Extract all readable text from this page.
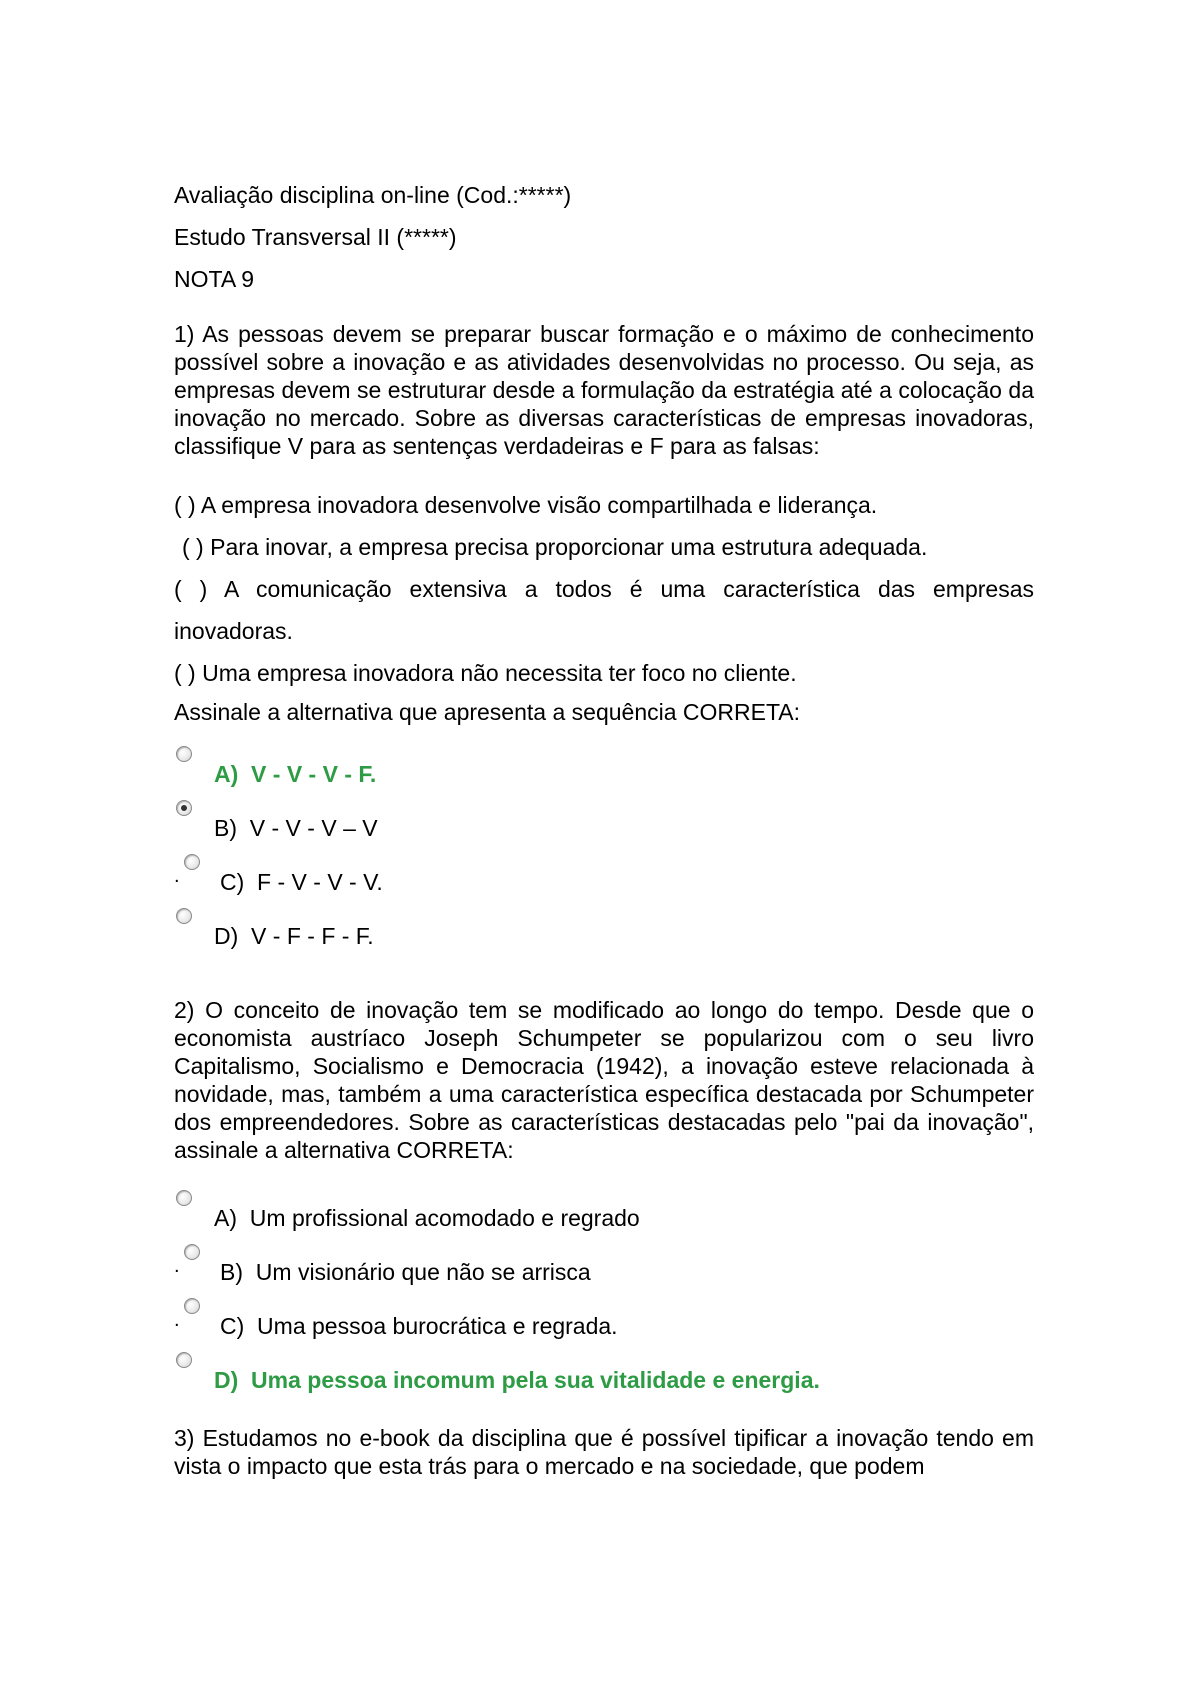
Avaliação disciplina on-line (Cod.:*****)

Estudo Transversal II (*****)

NOTA 9

1) As pessoas devem se preparar buscar formação e o máximo de conhecimento possível sobre a inovação e as atividades desenvolvidas no processo. Ou seja, as empresas devem se estruturar desde a formulação da estratégia até a colocação da inovação no mercado. Sobre as diversas características de empresas inovadoras, classifique V para as sentenças verdadeiras e F para as falsas:

( ) A empresa inovadora desenvolve visão compartilhada e liderança.

( ) Para inovar, a empresa precisa proporcionar uma estrutura adequada.

( ) A comunicação extensiva a todos é uma característica das empresas

inovadoras.

( ) Uma empresa inovadora não necessita ter foco no cliente.

Assinale a alternativa que apresenta a sequência CORRETA:

A)  V - V - V - F.
B)  V - V - V – V
. C)  F - V - V - V.
D)  V - F - F - F.

2) O conceito de inovação tem se modificado ao longo do tempo. Desde que o economista austríaco Joseph Schumpeter se popularizou com o seu livro Capitalismo, Socialismo e Democracia (1942), a inovação esteve relacionada à novidade, mas, também a uma característica específica destacada por Schumpeter dos empreendedores. Sobre as características destacadas pelo "pai da inovação", assinale a alternativa CORRETA:

A)  Um profissional acomodado e regrado
. B)  Um visionário que não se arrisca
. C)  Uma pessoa burocrática e regrada.
D)  Uma pessoa incomum pela sua vitalidade e energia.

3) Estudamos no e-book da disciplina que é possível tipificar a inovação tendo em vista o impacto que esta trás para o mercado e na sociedade, que podem
